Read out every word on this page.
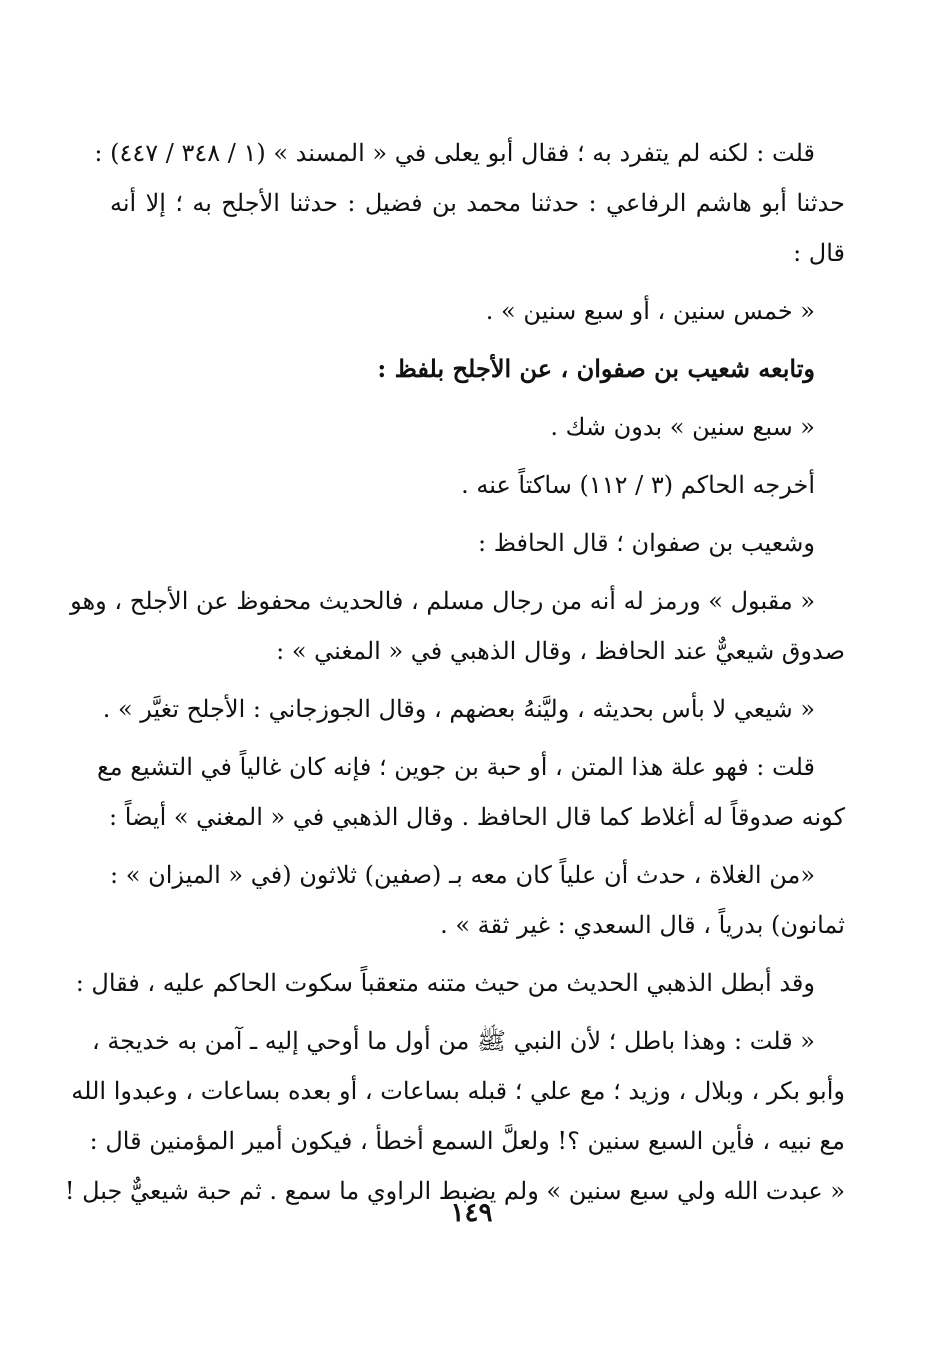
قلت : لكنه لم يتفرد به ؛ فقال أبو يعلى في « المسند » (١ / ٣٤٨ / ٤٤٧) :
حدثنا أبو هاشم الرفاعي : حدثنا محمد بن فضيل : حدثنا الأجلح به ؛ إلا أنه
قال :
« خمس سنين ، أو سبع سنين » .
وتابعه شعيب بن صفوان ، عن الأجلح بلفظ :
« سبع سنين » بدون شك .
أخرجه الحاكم (٣ / ١١٢) ساكتاً عنه .
وشعيب بن صفوان ؛ قال الحافظ :
« مقبول » ورمز له أنه من رجال مسلم ، فالحديث محفوظ عن الأجلح ، وهو
صدوق شيعيٌّ عند الحافظ ، وقال الذهبي في « المغني » :
« شيعي لا بأس بحديثه ، وليَّنهُ بعضهم ، وقال الجوزجاني : الأجلح تغيَّر » .
قلت : فهو علة هذا المتن ، أو حبة بن جوين ؛ فإنه كان غالياً في التشيع مع
كونه صدوقاً له أغلاط كما قال الحافظ . وقال الذهبي في « المغني » أيضاً :
«من الغلاة ، حدث أن علياً كان معه بـ (صفين) ثلاثون (في « الميزان » :
ثمانون) بدرياً ، قال السعدي : غير ثقة » .
وقد أبطل الذهبي الحديث من حيث متنه متعقباً سكوت الحاكم عليه ، فقال :
« قلت : وهذا باطل ؛ لأن النبي ﷺ من أول ما أوحي إليه ـ آمن به خديجة ،
وأبو بكر ، وبلال ، وزيد ؛ مع علي ؛ قبله بساعات ، أو بعده بساعات ، وعبدوا الله
مع نبيه ، فأين السبع سنين ؟! ولعلَّ السمع أخطأ ، فيكون أمير المؤمنين قال :
« عبدت الله ولي سبع سنين » ولم يضبط الراوي ما سمع . ثم حبة شيعيٌّ جبل !
١٤٩
